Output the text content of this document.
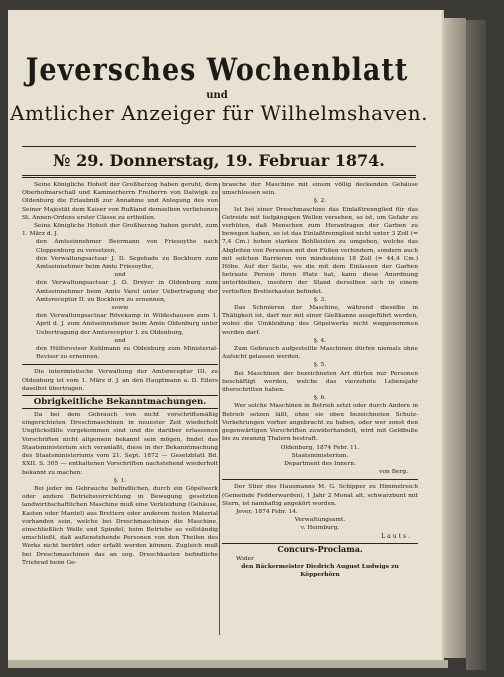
Jeversches Wochenblatt
und
Amtlicher Anzeiger für Wilhelmshaven.
№ 29. Donnerstag, 19. Februar 1874.

Seine Königliche Hoheit der Großherzog haben geruht, dem Oberhofmarschall und Kammerherrn Freiherrn von Dalwigk zu Oldenburg die Erlaubniß zur Annahme und Anlegung des von Seiner Majestät dem Kaiser von Rußland demselben verliehenen St. Annen-Ordens erster Classe zu ertheilen.

Seine Königliche Hoheit der Großherzog haben geruht, zum 1. März d. J.

den Amtseinnehmer Beermann von Friesoythe nach Cloppenburg zu versetzen,

den Verwaltungsactuar J. D. Segebade zu Bockhorn zum Amtseinnehmer beim Amte Friesoythe,

und

den Verwaltungsactuar J. D. Dreyer in Oldenburg zum Amtseinnehmer beim Amte Varel unter Uebertragung der Amtsreceptur II. zu Bockhorn zu ernennen,

sowie

den Verwaltungsactuar Rövekamp in Wildeshausen zum 1. April d. J. zum Amtseinnehmer beim Amte Oldenburg unter Uebertragung der Amtsreceptur I. zu Oldenburg,

und

den Hülfsrevisor Kuhlmann zu Oldenburg zum Ministerial-Revisor zu ernennen.

Die interimistische Verwaltung der Amtsreceptur III. zu Oldenburg ist vom 1. März d. J. an den Hauptmann a. D. Eilers daselbst übertragen.

Obrigkeitliche Bekanntmachungen.

Da bei dem Gebrauch von nicht vorschriftsmäßig eingerichteten Dreschmaschinen in neuester Zeit wiederholt Unglücksfälle vorgekommen sind und die darüber erlassenen Vorschriften nicht allgemein bekannt sein mögen, findet das Staatsministerium sich veranlaßt, diese in der Bekanntmachung des Staatsministeriums vom 21. Sept. 1872 — Gesetzblatt Bd. XXII. S. 305 — enthaltenen Vorschriften nachstehend wiederholt bekannt zu machen:

§. 1.

Bei jeder im Gebrauche befindlichen, durch ein Göpelwerk oder andere Betriebsvorrichtung in Bewegung gesetzten landwirthschaftlichen Maschine muß eine Verkleidung (Gehäuse, Kasten oder Mantel) aus Brettern oder anderem festen Material vorhanden sein, welche bei Dreschmaschinen die Maschine, einschließlich Welle und Spindel, beim Betriebe so vollständig umschließt, daß außenstehende Personen von den Theilen des Werks nicht berührt oder erfaßt werden können. Zugleich muß bei Dreschmaschinen das an sog. Dreschkasten befindliche Triebrad beim Ge-

brauche der Maschine mit einem völlig deckenden Gehäuse umschlossen sein.

§. 2.

Ist bei einer Dreschmaschine das Einlaßtrennglied für das Getreide mit tiefgängigen Wellen versehen, so ist, um Gefahr zu verhüten, daß Menschen zum Herantragen der Garben zu bewegen haben, so ist das Einlaßtrennglied nicht unter 3 Zoll (= 7,4 Cm.) hohen starken Bohlleisten zu umgeben, welche das Abgleiten von Personen mit den Füßen verhindern, sondern auch mit solchen Barrieren von mindestens 18 Zoll (= 44,4 Cm.) Höhe. Auf der Seite, wo die mit dem Einlassen der Garben betraute Person ihren Platz hat, kann diese Anordnung unterbleiben, insofern der Stand derselben sich in einem vertieften Bretterkasten befindet.

§. 3.

Das Schmieren der Maschine, während dieselbe in Thätigkeit ist, darf nur mit einer Gießkanne ausgeführt werden, wobei die Umkleidung des Göpelwerks nicht weggenommen werden darf.

§. 4.

Zum Gebrauch aufgestellte Maschinen dürfen niemals ohne Aufsicht gelassen werden.

§. 5.

Bei Maschinen der bezeichneten Art dürfen nur Personen beschäftigt werden, welche das vierzehnte Lebensjahr überschritten haben.

§. 6.

Wer solche Maschinen in Betrieb setzt oder durch Andere in Betrieb setzen läßt, ohne sie oben bezeichneten Schutz-Vorkehrungen vorher angebracht zu haben, oder wer sonst den gegenwärtigen Vorschriften zuwiderhandelt, wird mit Geldbuße bis zu zwanzig Thalern bestraft.

Oldenburg, 1874 Febr. 11.

Staatsministerium.

Department des Innern.

von Berg.

Der Stier des Hausmanns M. G. Schipper zu Himmelreich (Gemeinde Fedderwarden), 1 Jahr 2 Monat alt, schwarzbunt mit Stern, ist namhaftig angekört worden.

Jever, 1874 Febr. 14.

Verwaltungsamt.

v. Heimburg.

Lauts.
Concurs-Proclama.

Wider

den Bäckermeister Diedrich August Ludwigs zu Köpperhörn
